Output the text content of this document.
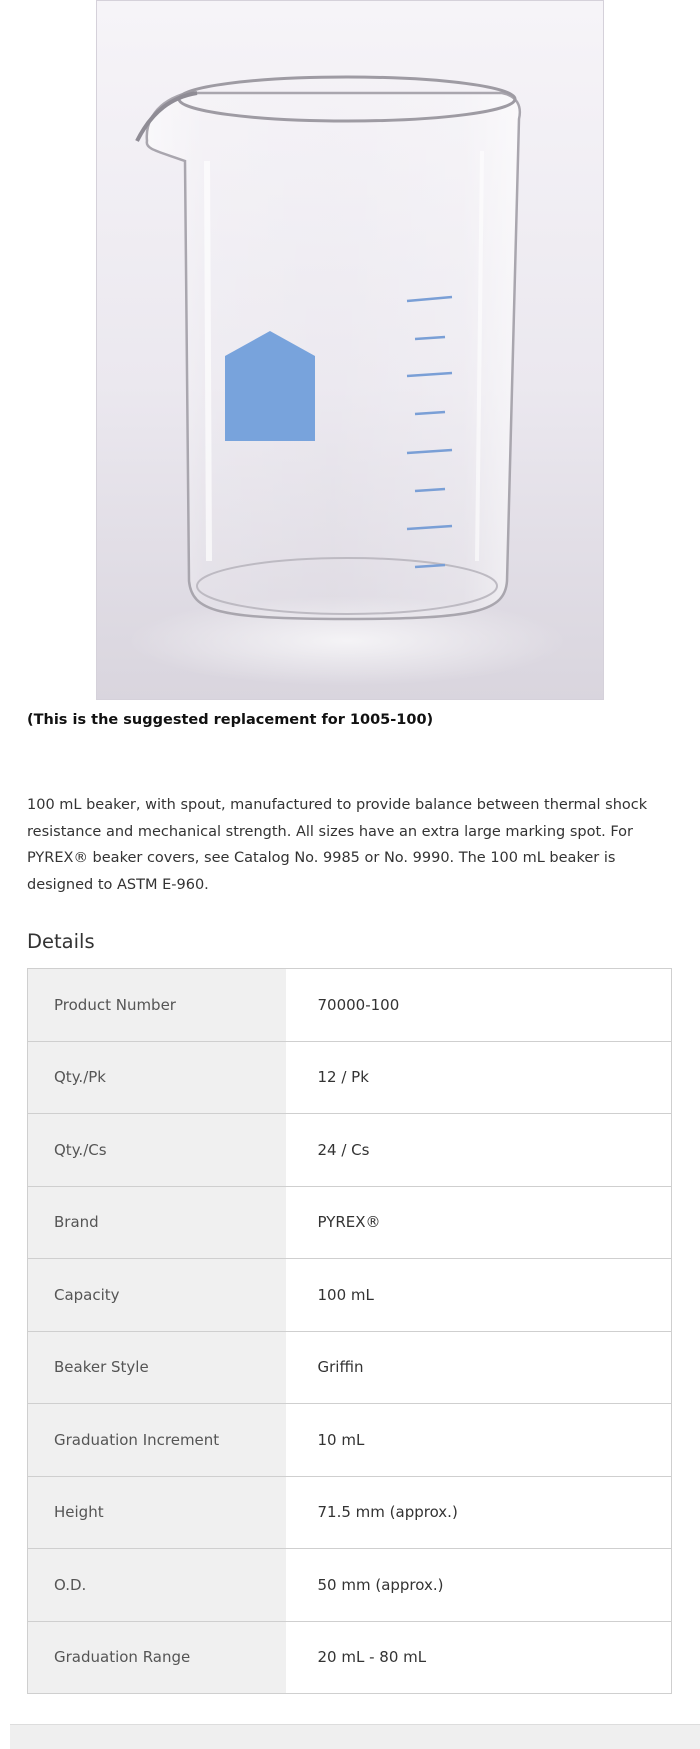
(This is the suggested replacement for 1005-100)
100 mL beaker, with spout, manufactured to provide balance between thermal shock resistance and mechanical strength. All sizes have an extra large marking spot. For PYREX® beaker covers, see Catalog No. 9985 or No. 9990. The 100 mL beaker is designed to ASTM E-960.
Details
Product Number	70000-100
Qty./Pk	12 / Pk
Qty./Cs	24 / Cs
Brand	PYREX®
Capacity	100 mL
Beaker Style	Griffin
Graduation Increment	10 mL
Height	71.5 mm (approx.)
O.D.	50 mm (approx.)
Graduation Range	20 mL - 80 mL
